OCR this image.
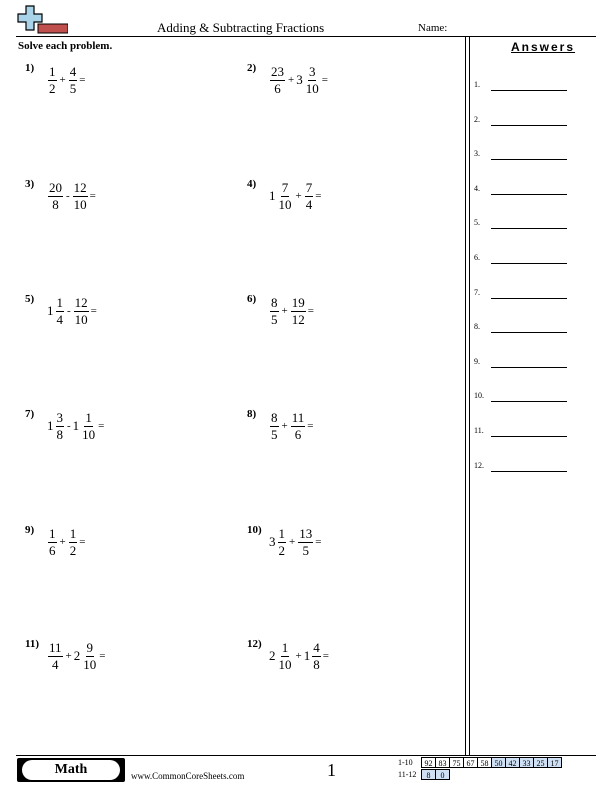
Adding & Subtracting Fractions	Name:
Solve each problem.
$1) \frac{1}{2} + \frac{4}{5}$ =
$2) \frac{23}{6} + 3 \frac{3}{10}$ =
$3) \frac{20}{8} - \frac{12}{10}$ =
4)
$1 \frac{7}{10} + \frac{7}{4}$ =
5)
$1 \frac{1}{4} - \frac{12}{10}$ =
$6) \frac{8}{5} + \frac{19}{12}$ =
7)
$1 \frac{3}{8} - 1 \frac{1}{10}$ =
$8) \frac{8}{5} + \frac{11}{6}$ =
$9) \frac{1}{6} + \frac{1}{2}$ =
10)
$3 \frac{1}{2} + \frac{13}{5}$ =
$11) \frac{11}{4} + 2 \frac{9}{10}$ =
12)
$2 \frac{1}{10} + 1 \frac{4}{8}$ =
Answers
1.
2.
3.
4.
5.
6.
7.
8.
9.
10.
11.
12.
Math	www.CommonCoreSheets.com	1	1-10	92 83 75 67 58 50 42 33 25 17
11-12	8	0
